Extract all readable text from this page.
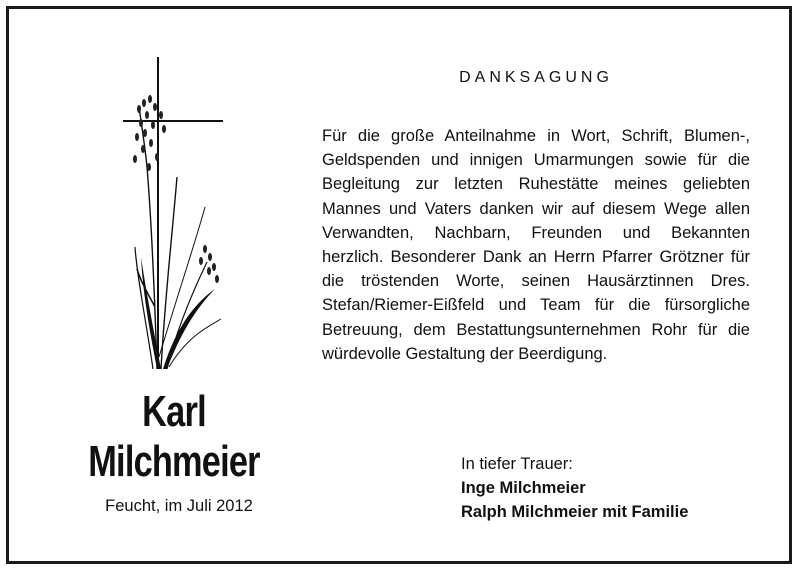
DANKSAGUNG
Für die große Anteilnahme in Wort, Schrift, Blumen-, Geldspenden und innigen Umarmungen sowie für die Begleitung zur letzten Ruhestätte meines geliebten Mannes und Vaters danken wir auf diesem Wege allen Verwandten, Nachbarn, Freunden und Bekannten herzlich. Besonderer Dank an Herrn Pfarrer Grötzner für die tröstenden Worte, seinen Hausärztinnen Dres. Stefan/Riemer-Eißfeld und Team für die fürsorgliche Betreuung, dem Bestattungsunternehmen Rohr für die würdevolle Gestaltung der Beerdigung.
Karl
Milchmeier
Feucht, im Juli 2012
In tiefer Trauer:
Inge Milchmeier
Ralph Milchmeier mit Familie
